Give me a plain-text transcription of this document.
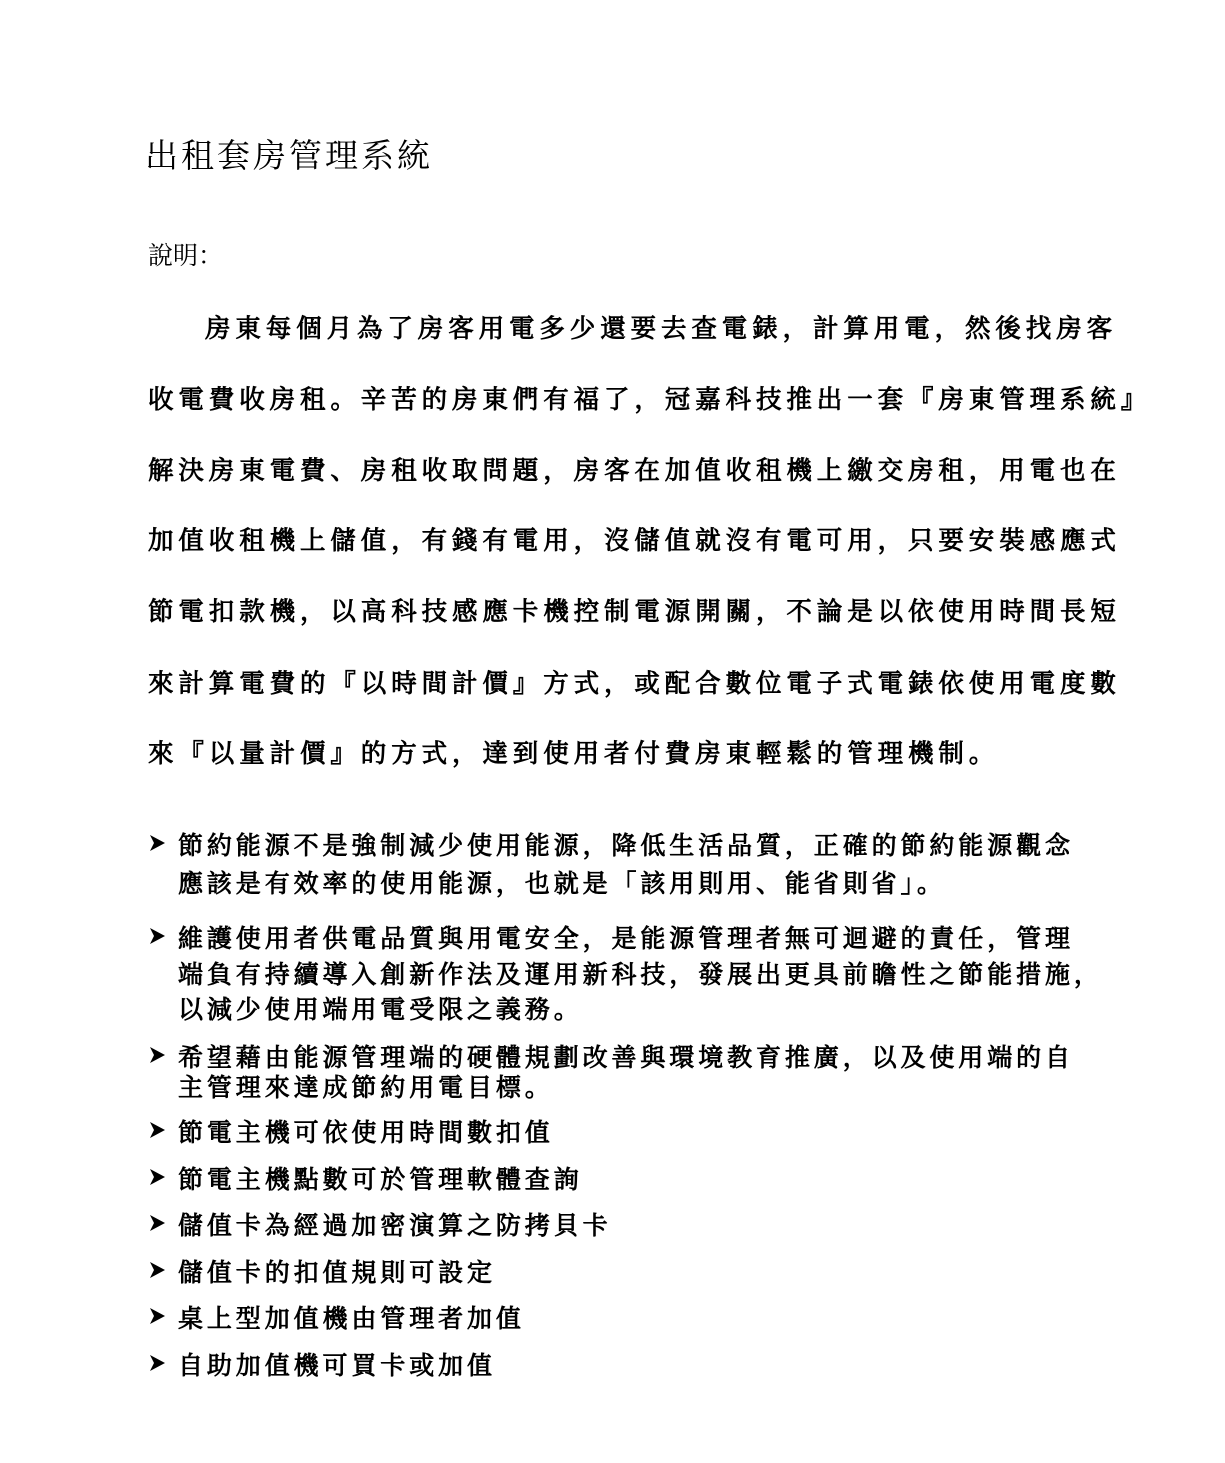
出租套房管理系統
說明：
房東每個月為了房客用電多少還要去查電錶，計算用電，然後找房客
收電費收房租。辛苦的房東們有福了，冠嘉科技推出一套『房東管理系統』
解決房東電費、房租收取問題，房客在加值收租機上繳交房租，用電也在
加值收租機上儲值，有錢有電用，沒儲值就沒有電可用，只要安裝感應式
節電扣款機，以高科技感應卡機控制電源開關，不論是以依使用時間長短
來計算電費的『以時間計價』方式，或配合數位電子式電錶依使用電度數
來『以量計價』的方式，達到使用者付費房東輕鬆的管理機制。
節約能源不是強制減少使用能源，降低生活品質，正確的節約能源觀念
應該是有效率的使用能源，也就是「該用則用、能省則省」。
維護使用者供電品質與用電安全，是能源管理者無可迴避的責任，管理
端負有持續導入創新作法及運用新科技，發展出更具前瞻性之節能措施，
以減少使用端用電受限之義務。
希望藉由能源管理端的硬體規劃改善與環境教育推廣，以及使用端的自
主管理來達成節約用電目標。
節電主機可依使用時間數扣值
節電主機點數可於管理軟體查詢
儲值卡為經過加密演算之防拷貝卡
儲值卡的扣值規則可設定
桌上型加值機由管理者加值
自助加值機可買卡或加值
